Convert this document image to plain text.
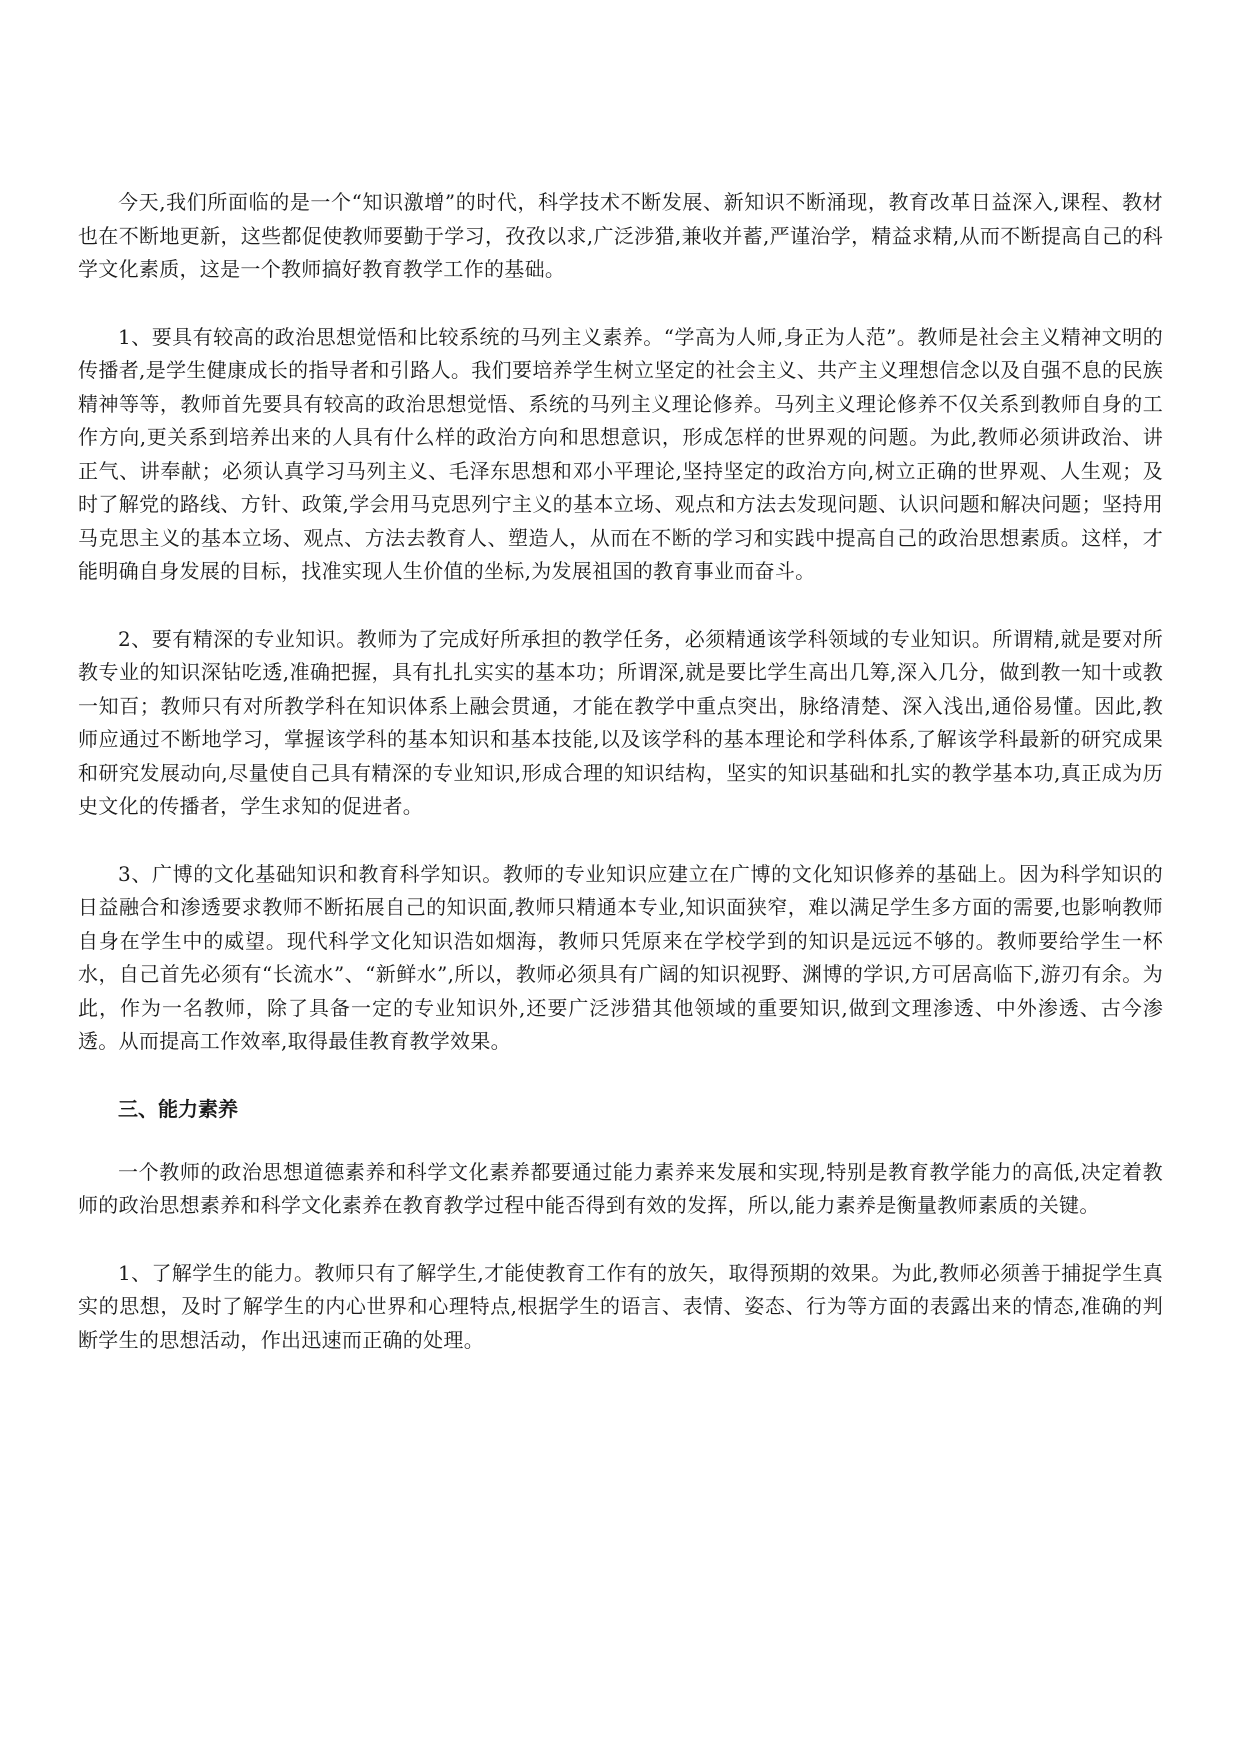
今天,我们所面临的是一个“知识激增”的时代，科学技术不断发展、新知识不断涌现，教育改革日益深入,课程、教材也在不断地更新，这些都促使教师要勤于学习，孜孜以求,广泛涉猎,兼收并蓄,严谨治学，精益求精,从而不断提高自己的科学文化素质，这是一个教师搞好教育教学工作的基础。

1、要具有较高的政治思想觉悟和比较系统的马列主义素养。“学高为人师,身正为人范”。教师是社会主义精神文明的传播者,是学生健康成长的指导者和引路人。我们要培养学生树立坚定的社会主义、共产主义理想信念以及自强不息的民族精神等等，教师首先要具有较高的政治思想觉悟、系统的马列主义理论修养。马列主义理论修养不仅关系到教师自身的工作方向,更关系到培养出来的人具有什么样的政治方向和思想意识，形成怎样的世界观的问题。为此,教师必须讲政治、讲正气、讲奉献；必须认真学习马列主义、毛泽东思想和邓小平理论,坚持坚定的政治方向,树立正确的世界观、人生观；及时了解党的路线、方针、政策,学会用马克思列宁主义的基本立场、观点和方法去发现问题、认识问题和解决问题；坚持用马克思主义的基本立场、观点、方法去教育人、塑造人，从而在不断的学习和实践中提高自己的政治思想素质。这样，才能明确自身发展的目标，找准实现人生价值的坐标,为发展祖国的教育事业而奋斗。

2、要有精深的专业知识。教师为了完成好所承担的教学任务，必须精通该学科领域的专业知识。所谓精,就是要对所教专业的知识深钻吃透,准确把握，具有扎扎实实的基本功；所谓深,就是要比学生高出几筹,深入几分，做到教一知十或教一知百；教师只有对所教学科在知识体系上融会贯通，才能在教学中重点突出，脉络清楚、深入浅出,通俗易懂。因此,教师应通过不断地学习，掌握该学科的基本知识和基本技能,以及该学科的基本理论和学科体系,了解该学科最新的研究成果和研究发展动向,尽量使自己具有精深的专业知识,形成合理的知识结构，坚实的知识基础和扎实的教学基本功,真正成为历史文化的传播者，学生求知的促进者。

3、广博的文化基础知识和教育科学知识。教师的专业知识应建立在广博的文化知识修养的基础上。因为科学知识的日益融合和渗透要求教师不断拓展自己的知识面,教师只精通本专业,知识面狭窄，难以满足学生多方面的需要,也影响教师自身在学生中的威望。现代科学文化知识浩如烟海，教师只凭原来在学校学到的知识是远远不够的。教师要给学生一杯水，自己首先必须有“长流水”、“新鲜水”,所以，教师必须具有广阔的知识视野、渊博的学识,方可居高临下,游刃有余。为此，作为一名教师，除了具备一定的专业知识外,还要广泛涉猎其他领域的重要知识,做到文理渗透、中外渗透、古今渗透。从而提高工作效率,取得最佳教育教学效果。

三、能力素养

一个教师的政治思想道德素养和科学文化素养都要通过能力素养来发展和实现,特别是教育教学能力的高低,决定着教师的政治思想素养和科学文化素养在教育教学过程中能否得到有效的发挥，所以,能力素养是衡量教师素质的关键。

1、了解学生的能力。教师只有了解学生,才能使教育工作有的放矢，取得预期的效果。为此,教师必须善于捕捉学生真实的思想，及时了解学生的内心世界和心理特点,根据学生的语言、表情、姿态、行为等方面的表露出来的情态,准确的判断学生的思想活动，作出迅速而正确的处理。
